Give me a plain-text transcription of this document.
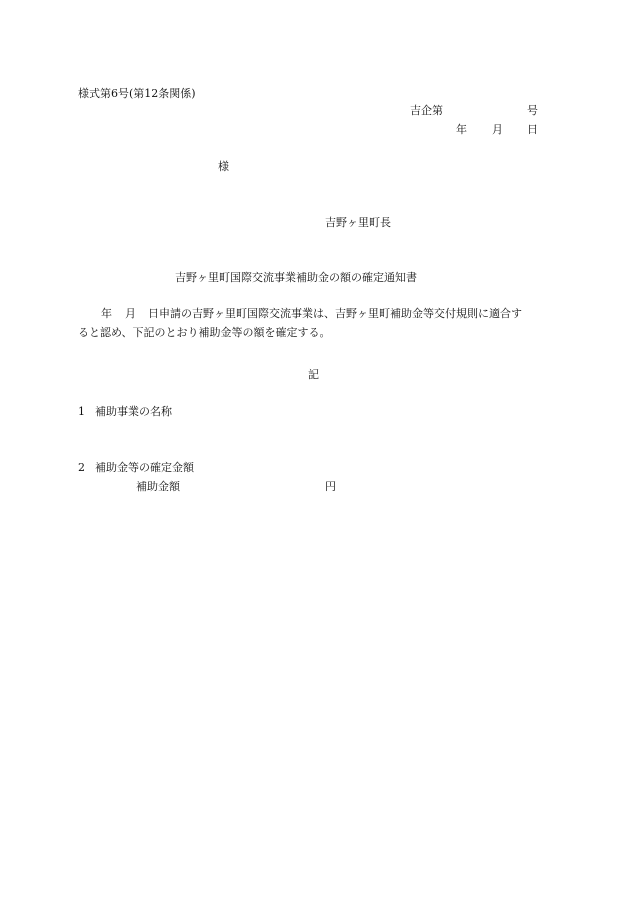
様式第6号(第12条関係)
吉企第	号
年 月 日
様
吉野ヶ里町長
吉野ヶ里町国際交流事業補助金の額の確定通知書
年 月 日申請の吉野ヶ里町国際交流事業は、吉野ヶ里町補助金等交付規則に適合す
ると認め、下記のとおり補助金等の額を確定する。
記
1 補助事業の名称
2 補助金等の確定金額
補助金額	円
